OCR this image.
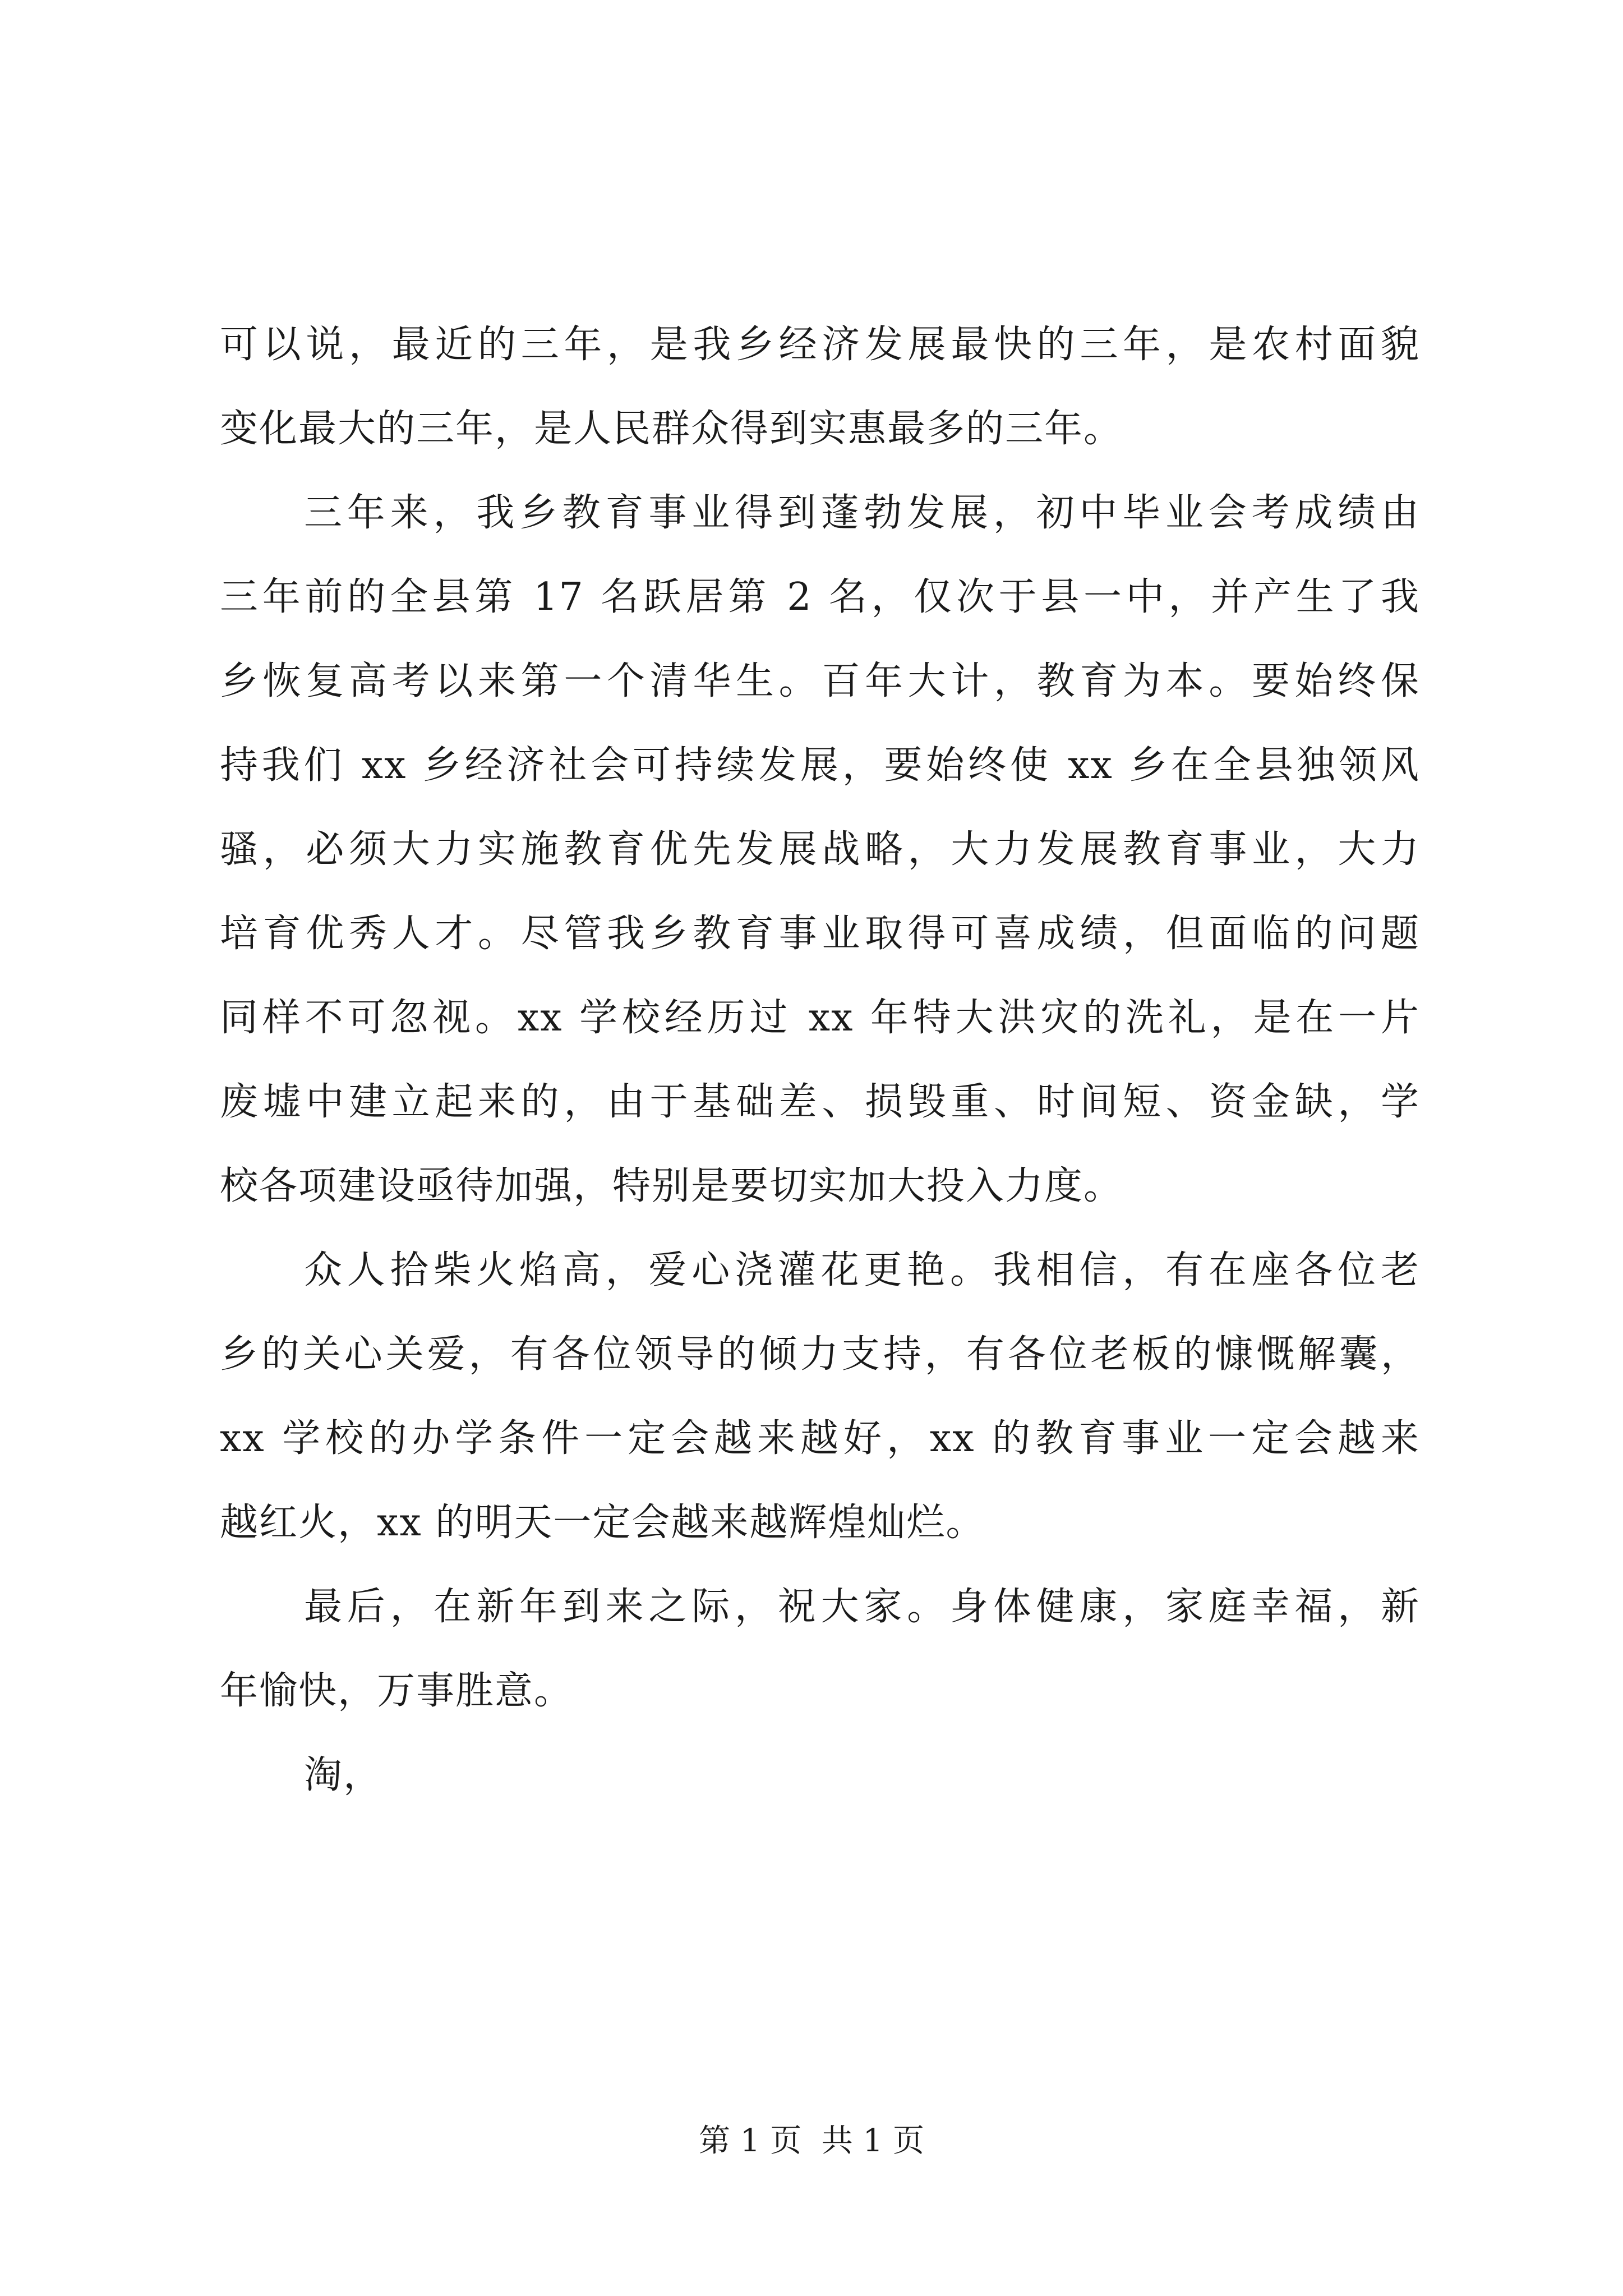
可以说，最近的三年，是我乡经济发展最快的三年，是农村面貌
变化最大的三年，是人民群众得到实惠最多的三年。
三年来，我乡教育事业得到蓬勃发展，初中毕业会考成绩由
三年前的全县第 17 名跃居第 2 名，仅次于县一中，并产生了我
乡恢复高考以来第一个清华生。百年大计，教育为本。要始终保
持我们 xx 乡经济社会可持续发展，要始终使 xx 乡在全县独领风
骚，必须大力实施教育优先发展战略，大力发展教育事业，大力
培育优秀人才。尽管我乡教育事业取得可喜成绩，但面临的问题
同样不可忽视。xx 学校经历过 xx 年特大洪灾的洗礼，是在一片
废墟中建立起来的，由于基础差、损毁重、时间短、资金缺，学
校各项建设亟待加强，特别是要切实加大投入力度。
众人拾柴火焰高，爱心浇灌花更艳。我相信，有在座各位老
乡的关心关爱，有各位领导的倾力支持，有各位老板的慷慨解囊，
xx 学校的办学条件一定会越来越好，xx 的教育事业一定会越来
越红火，xx 的明天一定会越来越辉煌灿烂。
最后，在新年到来之际，祝大家。身体健康，家庭幸福，新
年愉快，万事胜意。
淘，
第 1 页  共 1 页
